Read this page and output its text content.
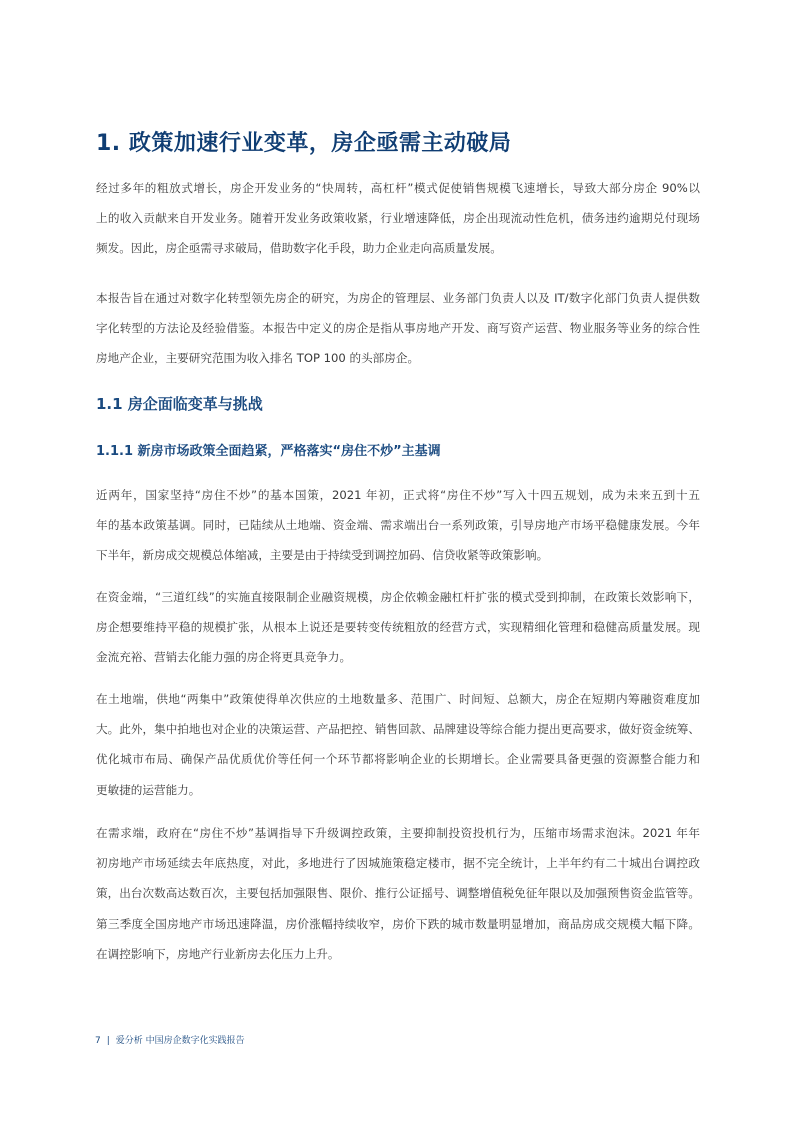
1. 政策加速行业变革，房企亟需主动破局
经过多年的粗放式增长，房企开发业务的“快周转，高杠杆”模式促使销售规模飞速增长，导致大部分房企 90%以
上的收入贡献来自开发业务。随着开发业务政策收紧，行业增速降低，房企出现流动性危机，债务违约逾期兑付现场
频发。因此，房企亟需寻求破局，借助数字化手段，助力企业走向高质量发展。
本报告旨在通过对数字化转型领先房企的研究，为房企的管理层、业务部门负责人以及 IT/数字化部门负责人提供数
字化转型的方法论及经验借鉴。本报告中定义的房企是指从事房地产开发、商写资产运营、物业服务等业务的综合性
房地产企业，主要研究范围为收入排名 TOP 100 的头部房企。
1.1 房企面临变革与挑战
1.1.1 新房市场政策全面趋紧，严格落实“房住不炒”主基调
近两年，国家坚持“房住不炒”的基本国策，2021 年初，正式将“房住不炒”写入十四五规划，成为未来五到十五
年的基本政策基调。同时，已陆续从土地端、资金端、需求端出台一系列政策，引导房地产市场平稳健康发展。今年
下半年，新房成交规模总体缩减，主要是由于持续受到调控加码、信贷收紧等政策影响。
在资金端，“三道红线”的实施直接限制企业融资规模，房企依赖金融杠杆扩张的模式受到抑制，在政策长效影响下，
房企想要维持平稳的规模扩张，从根本上说还是要转变传统粗放的经营方式，实现精细化管理和稳健高质量发展。现
金流充裕、营销去化能力强的房企将更具竞争力。
在土地端，供地“两集中”政策使得单次供应的土地数量多、范围广、时间短、总额大，房企在短期内筹融资难度加
大。此外，集中拍地也对企业的决策运营、产品把控、销售回款、品牌建设等综合能力提出更高要求，做好资金统筹、
优化城市布局、确保产品优质优价等任何一个环节都将影响企业的长期增长。企业需要具备更强的资源整合能力和
更敏捷的运营能力。
在需求端，政府在“房住不炒”基调指导下升级调控政策，主要抑制投资投机行为，压缩市场需求泡沫。2021 年年
初房地产市场延续去年底热度，对此，多地进行了因城施策稳定楼市，据不完全统计，上半年约有二十城出台调控政
策，出台次数高达数百次，主要包括加强限售、限价、推行公证摇号、调整增值税免征年限以及加强预售资金监管等。
第三季度全国房地产市场迅速降温，房价涨幅持续收窄，房价下跌的城市数量明显增加，商品房成交规模大幅下降。
在调控影响下，房地产行业新房去化压力上升。
7 | 爱分析 中国房企数字化实践报告
